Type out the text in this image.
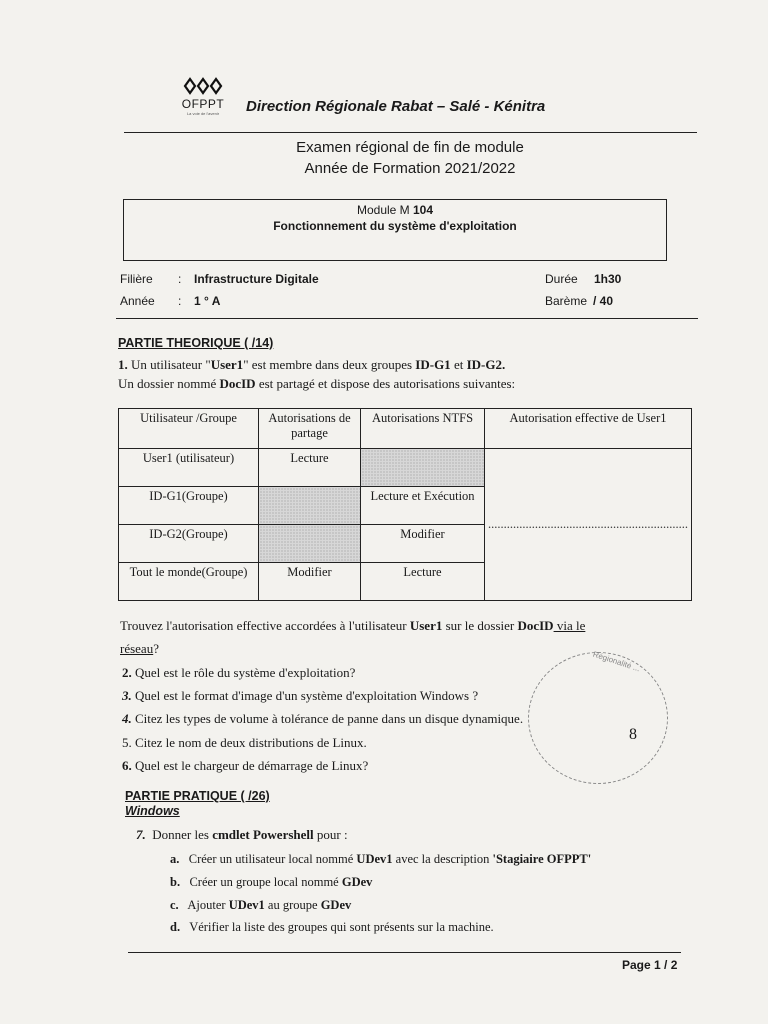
OFPPT
La voie de l'avenir	Direction Régionale Rabat – Salé - Kénitra
Examen régional de fin de module
Année de Formation 2021/2022
Module M 104
Fonctionnement du système d'exploitation
Filière : Infrastructure Digitale	Durée 1h30
Année : 1 ° A	Barème / 40
PARTIE THEORIQUE ( /14)
1. Un utilisateur "User1" est membre dans deux groupes ID-G1 et ID-G2.
Un dossier nommé DocID est partagé et dispose des autorisations suivantes:
Utilisateur /Groupe	Autorisations de partage	Autorisations NTFS	Autorisation effective de User1
User1 (utilisateur)	Lecture		................................................................
ID-G1(Groupe)		Lecture et Exécution	
ID-G2(Groupe)		Modifier	
Tout le monde(Groupe)	Modifier	Lecture	
Trouvez l'autorisation effective accordées à l'utilisateur User1 sur le dossier DocID via le
réseau?
2. Quel est le rôle du système d'exploitation?
3. Quel est le format d'image d'un système d'exploitation Windows ?
4. Citez les types de volume à tolérance de panne dans un disque dynamique.
5. Citez le nom de deux distributions de Linux.
6. Quel est le chargeur de démarrage de Linux?
Régionalité ...
8
PARTIE PRATIQUE ( /26)
Windows
7. Donner les cmdlet Powershell pour :
a. Créer un utilisateur local nommé UDev1 avec la description 'Stagiaire OFPPT'
b. Créer un groupe local nommé GDev
c. Ajouter UDev1 au groupe GDev
d. Vérifier la liste des groupes qui sont présents sur la machine.
Page 1 / 2
